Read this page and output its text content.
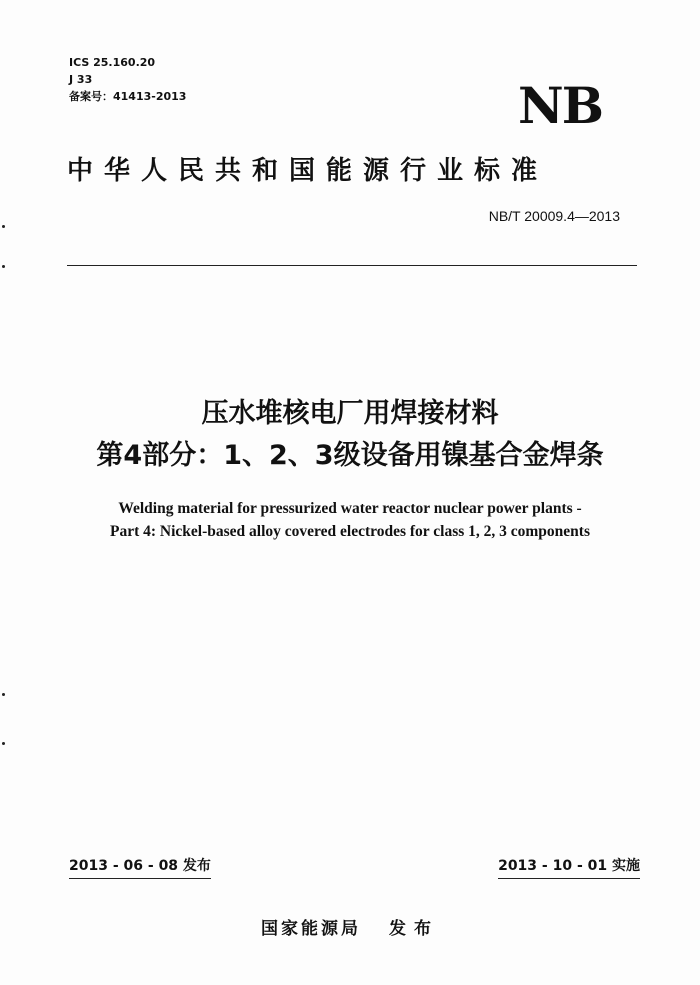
ICS 25.160.20
J 33
备案号：41413-2013	NB
中华人民共和国能源行业标准
NB/T 20009.4—2013
压水堆核电厂用焊接材料
第4部分：1、2、3级设备用镍基合金焊条
Welding material for pressurized water reactor nuclear power plants -
Part 4: Nickel-based alloy covered electrodes for class 1, 2, 3 components
2013 - 06 - 08 发布	2013 - 10 - 01 实施
国家能源局 发布
